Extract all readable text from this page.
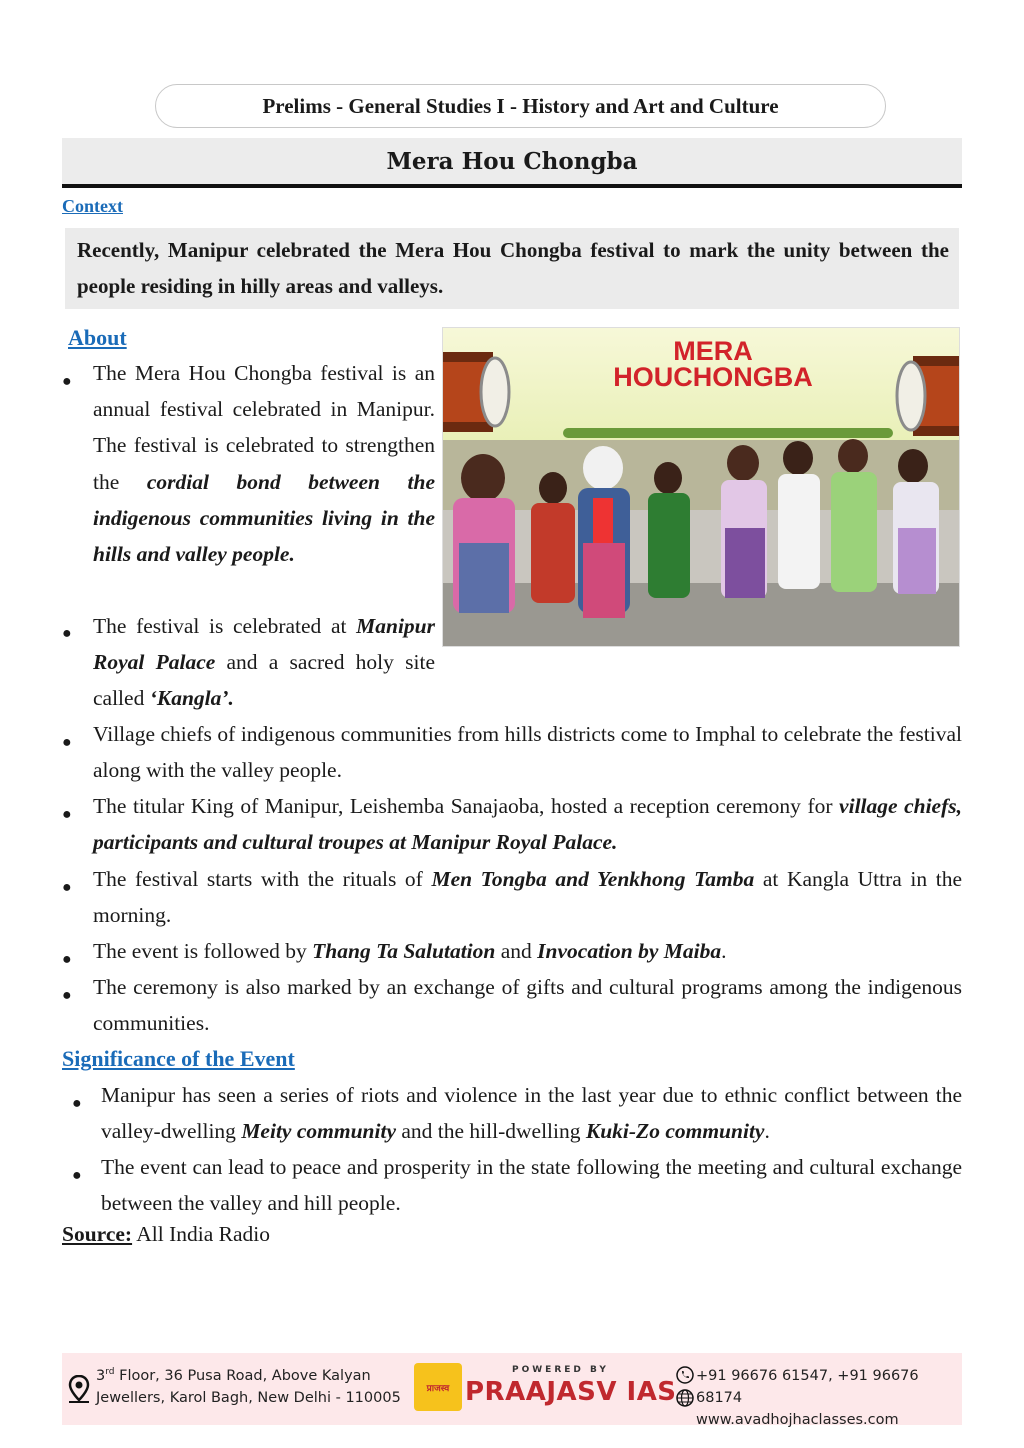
Prelims - General Studies I - History and Art and Culture
Mera Hou Chongba
Context
Recently, Manipur celebrated the Mera Hou Chongba festival to mark the unity between the people residing in hilly areas and valleys.
About
● The Mera Hou Chongba festival is an annual festival celebrated in Manipur. The festival is celebrated to strengthen the cordial bond between the indigenous communities living in the hills and valley people.
● The festival is celebrated at Manipur Royal Palace and a sacred holy site called ‘Kangla’.
● Village chiefs of indigenous communities from hills districts come to Imphal to celebrate the festival along with the valley people.
● The titular King of Manipur, Leishemba Sanajaoba, hosted a reception ceremony for village chiefs, participants and cultural troupes at Manipur Royal Palace.
● The festival starts with the rituals of Men Tongba and Yenkhong Tamba at Kangla Uttra in the morning.
● The event is followed by Thang Ta Salutation and Invocation by Maiba.
● The ceremony is also marked by an exchange of gifts and cultural programs among the indigenous communities.
MERA
HOUCHONGBA
Significance of the Event
● Manipur has seen a series of riots and violence in the last year due to ethnic conflict between the valley-dwelling Meity community and the hill-dwelling Kuki-Zo community.
● The event can lead to peace and prosperity in the state following the meeting and cultural exchange between the valley and hill people.
Source: All India Radio
3rd Floor, 36 Pusa Road, Above Kalyan
Jewellers, Karol Bagh, New Delhi - 110005
प्राजस्व
POWERED BY
PRAAJASV IAS
+91 96676 61547, +91 96676 68174
www.avadhojhaclasses.com
